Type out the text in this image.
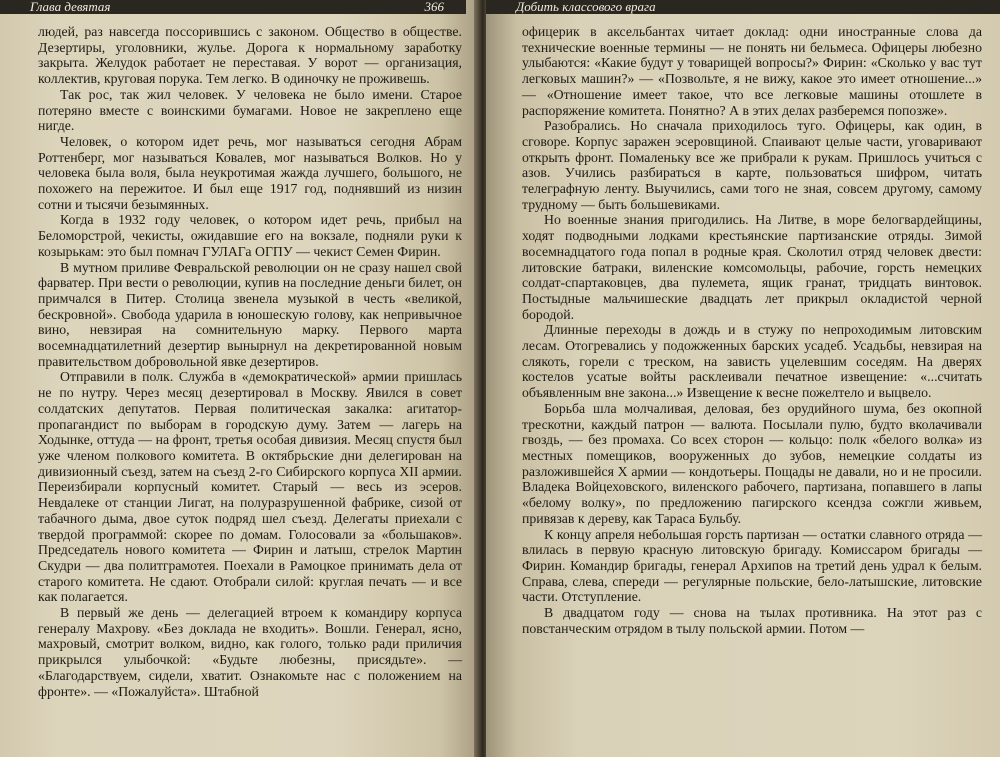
Глава девятая	366

людей, раз навсегда поссорившись с законом. Общество в обществе. Дезертиры, уголовники, жулье. Дорога к нормальному заработку закрыта. Желудок работает не переставая. У ворот — организация, коллектив, круговая порука. Тем легко. В одиночку не проживешь.

Так рос, так жил человек. У человека не было имени. Старое потеряно вместе с воинскими бумагами. Новое не закреплено еще нигде.

Человек, о котором идет речь, мог называться сегодня Абрам Роттенберг, мог называться Ковалев, мог называться Волков. Но у человека была воля, была неукротимая жажда лучшего, большого, не похожего на пережитое. И был еще 1917 год, поднявший из низин сотни и тысячи безымянных.

Когда в 1932 году человек, о котором идет речь, прибыл на Беломорстрой, чекисты, ожидавшие его на вокзале, подняли руки к козырькам: это был помнач ГУЛАГа ОГПУ — чекист Семен Фирин.

В мутном приливе Февральской революции он не сразу нашел свой фарватер. При вести о революции, купив на последние деньги билет, он примчался в Питер. Столица звенела музыкой в честь «великой, бескровной». Свобода ударила в юношескую голову, как непривычное вино, невзирая на сомнительную марку. Первого марта восемнадцатилетний дезертир вынырнул на декретированной новым правительством добровольной явке дезертиров.

Отправили в полк. Служба в «демократической» армии пришлась не по нутру. Через месяц дезертировал в Москву. Явился в совет солдатских депутатов. Первая политическая закалка: агитатор-пропагандист по выборам в городскую думу. Затем — лагерь на Ходынке, оттуда — на фронт, третья особая дивизия. Месяц спустя был уже членом полкового комитета. В октябрьские дни делегирован на дивизионный съезд, затем на съезд 2-го Сибирского корпуса XII армии. Переизбирали корпусный комитет. Старый — весь из эсеров. Невдалеке от станции Лигат, на полуразрушенной фабрике, сизой от табачного дыма, двое суток подряд шел съезд. Делегаты приехали с твердой программой: скорее по домам. Голосовали за «большаков». Председатель нового комитета — Фирин и латыш, стрелок Мартин Скудри — два политграмотея. Поехали в Рамоцкое принимать дела от старого комитета. Не сдают. Отобрали силой: круглая печать — и все как полагается.

В первый же день — делегацией втроем к командиру корпуса генералу Махрову. «Без доклада не входить». Вошли. Генерал, ясно, махровый, смотрит волком, видно, как голого, только ради приличия прикрылся улыбочкой: «Будьте любезны, присядьте». — «Благодарствуем, сидели, хватит. Ознакомьте нас с положением на фронте». — «Пожалуйста». Штабной

Добить классового врага

офицерик в аксельбантах читает доклад: одни иностранные слова да технические военные термины — не понять ни бельмеса. Офицеры любезно улыбаются: «Какие будут у товарищей вопросы?» Фирин: «Сколько у вас тут легковых машин?» — «Позвольте, я не вижу, какое это имеет отношение...» — «Отношение имеет такое, что все легковые машины отошлете в распоряжение комитета. Понятно? А в этих делах разберемся попозже».

Разобрались. Но сначала приходилось туго. Офицеры, как один, в сговоре. Корпус заражен эсеровщиной. Спаивают целые части, уговаривают открыть фронт. Помаленьку все же прибрали к рукам. Пришлось учиться с азов. Учились разбираться в карте, пользоваться шифром, читать телеграфную ленту. Выучились, сами того не зная, совсем другому, самому трудному — быть большевиками.

Но военные знания пригодились. На Литве, в море белогвардейщины, ходят подводными лодками крестьянские партизанские отряды. Зимой восемнадцатого года попал в родные края. Сколотил отряд человек двести: литовские батраки, виленские комсомольцы, рабочие, горсть немецких солдат-спартаковцев, два пулемета, ящик гранат, тридцать винтовок. Постыдные мальчишеские двадцать лет прикрыл окладистой черной бородой.

Длинные переходы в дождь и в стужу по непроходимым литовским лесам. Отогревались у подожженных барских усадеб. Усадьбы, невзирая на слякоть, горели с треском, на зависть уцелевшим соседям. На дверях костелов усатые войты расклеивали печатное извещение: «...считать объявленным вне закона...» Извещение к весне пожелтело и выцвело.

Борьба шла молчаливая, деловая, без орудийного шума, без окопной трескотни, каждый патрон — валюта. Посылали пулю, будто вколачивали гвоздь, — без промаха. Со всех сторон — кольцо: полк «белого волка» из местных помещиков, вооруженных до зубов, немецкие солдаты из разложившейся X армии — кондотьеры. Пощады не давали, но и не просили. Владека Войцеховского, виленского рабочего, партизана, попавшего в лапы «белому волку», по предложению пагирского ксендза сожгли живьем, привязав к дереву, как Тараса Бульбу.

К концу апреля небольшая горсть партизан — остатки славного отряда — влилась в первую красную литовскую бригаду. Комиссаром бригады — Фирин. Командир бригады, генерал Архипов на третий день удрал к белым. Справа, слева, спереди — регулярные польские, бело-латышские, литовские части. Отступление.

В двадцатом году — снова на тылах противника. На этот раз с повстанческим отрядом в тылу польской армии. Потом —
